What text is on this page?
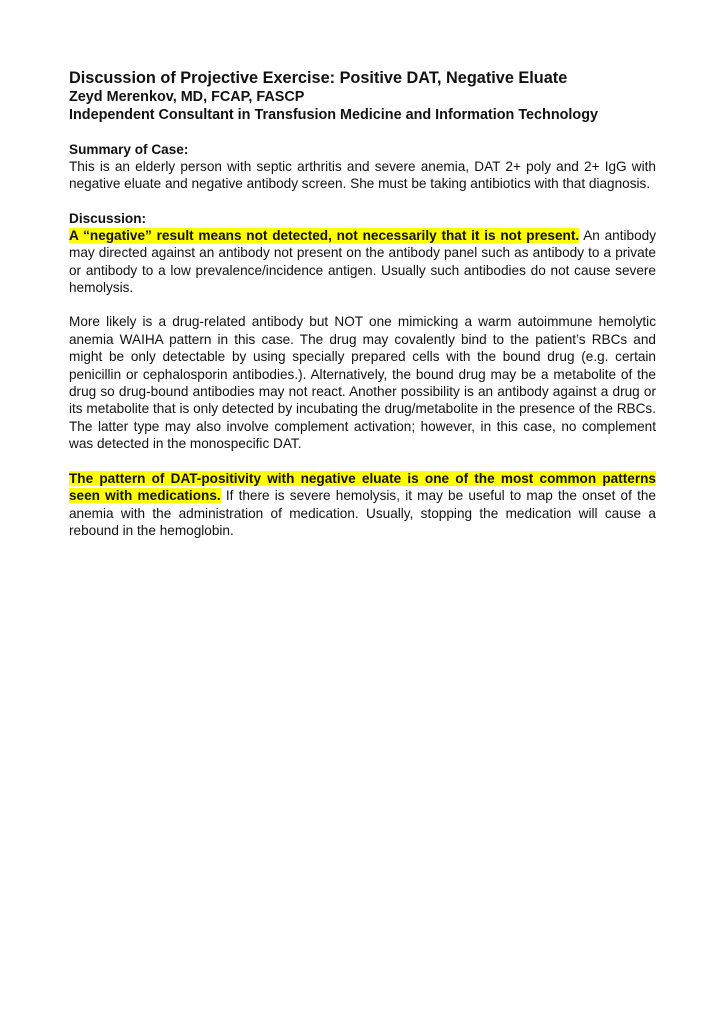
Discussion of Projective Exercise: Positive DAT, Negative Eluate

Zeyd Merenkov, MD, FCAP, FASCP

Independent Consultant in Transfusion Medicine and Information Technology

Summary of Case:

This is an elderly person with septic arthritis and severe anemia, DAT 2+ poly and 2+ IgG with negative eluate and negative antibody screen. She must be taking antibiotics with that diagnosis.

Discussion:

A “negative” result means not detected, not necessarily that it is not present. An antibody may directed against an antibody not present on the antibody panel such as antibody to a private or antibody to a low prevalence/incidence antigen. Usually such antibodies do not cause severe hemolysis.

More likely is a drug-related antibody but NOT one mimicking a warm autoimmune hemolytic anemia WAIHA pattern in this case. The drug may covalently bind to the patient’s RBCs and might be only detectable by using specially prepared cells with the bound drug (e.g. certain penicillin or cephalosporin antibodies.). Alternatively, the bound drug may be a metabolite of the drug so drug-bound antibodies may not react. Another possibility is an antibody against a drug or its metabolite that is only detected by incubating the drug/metabolite in the presence of the RBCs. The latter type may also involve complement activation; however, in this case, no complement was detected in the monospecific DAT.

The pattern of DAT-positivity with negative eluate is one of the most common patterns seen with medications. If there is severe hemolysis, it may be useful to map the onset of the anemia with the administration of medication. Usually, stopping the medication will cause a rebound in the hemoglobin.
